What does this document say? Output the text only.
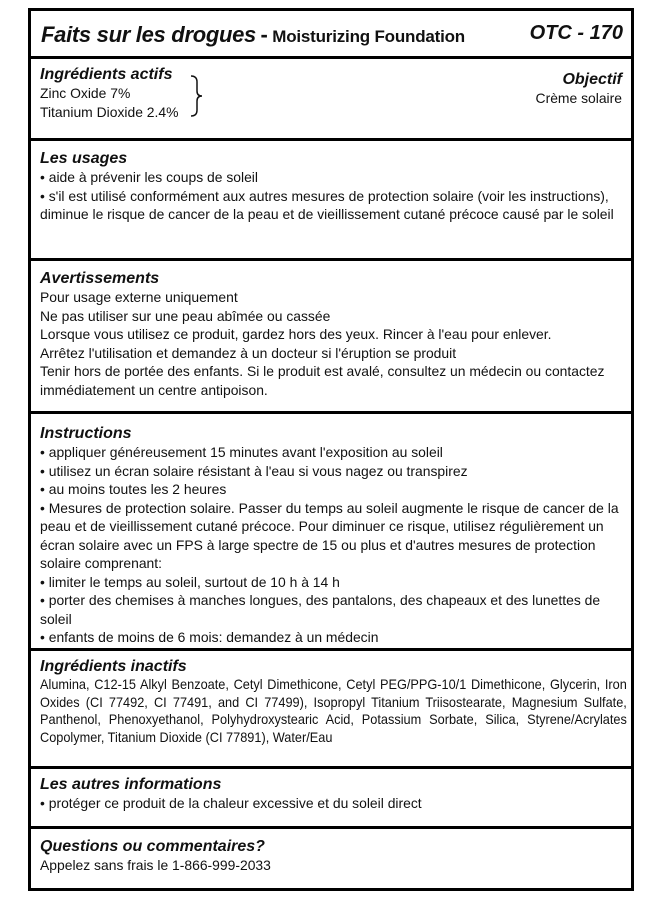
Faits sur les drogues - Moisturizing Foundation	OTC - 170
Ingrédients actifs

Zinc Oxide 7%

Titanium Dioxide 2.4%

Objectif
Crème solaire
Les usages

• aide à prévenir les coups de soleil

• s'il est utilisé conformément aux autres mesures de protection solaire (voir les instructions), diminue le risque de cancer de la peau et de vieillissement cutané précoce causé par le soleil

Avertissements

Pour usage externe uniquement

Ne pas utiliser sur une peau abîmée ou cassée

Lorsque vous utilisez ce produit, gardez hors des yeux. Rincer à l'eau pour enlever.

Arrêtez l'utilisation et demandez à un docteur si l'éruption se produit

Tenir hors de portée des enfants. Si le produit est avalé, consultez un médecin ou contactez immédiatement un centre antipoison.

Instructions

• appliquer généreusement 15 minutes avant l'exposition au soleil

• utilisez un écran solaire résistant à l'eau si vous nagez ou transpirez

• au moins toutes les 2 heures

• Mesures de protection solaire. Passer du temps au soleil augmente le risque de cancer de la peau et de vieillissement cutané précoce. Pour diminuer ce risque, utilisez régulièrement un écran solaire avec un FPS à large spectre de 15 ou plus et d'autres mesures de protection solaire comprenant:

• limiter le temps au soleil, surtout de 10 h à 14 h

• porter des chemises à manches longues, des pantalons, des chapeaux et des lunettes de soleil

• enfants de moins de 6 mois: demandez à un médecin

Ingrédients inactifs

Alumina, C12-15 Alkyl Benzoate, Cetyl Dimethicone, Cetyl PEG/PPG-10/1 Dimethicone, Glycerin, Iron Oxides (CI 77492, CI 77491, and CI 77499), Isopropyl Titanium Triisostearate, Magnesium Sulfate, Panthenol, Phenoxyethanol, Polyhydroxystearic Acid, Potassium Sorbate, Silica, Styrene/Acrylates Copolymer, Titanium Dioxide (CI 77891), Water/Eau

Les autres informations

• protéger ce produit de la chaleur excessive et du soleil direct

Questions ou commentaires?
Appelez sans frais le 1-866-999-2033
